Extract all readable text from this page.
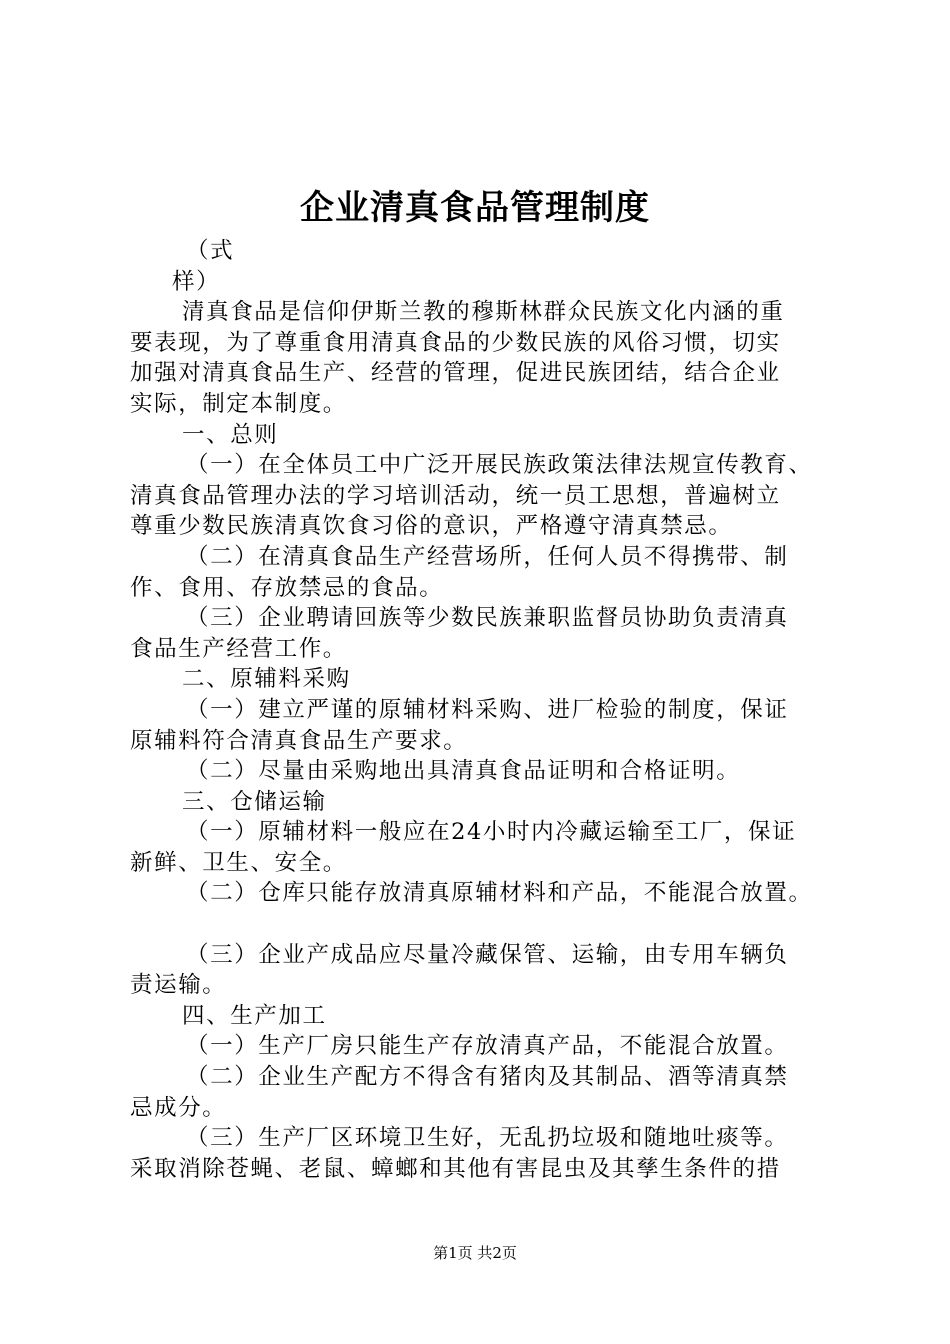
企业清真食品管理制度
（式
样）
清真食品是信仰伊斯兰教的穆斯林群众民族文化内涵的重
要表现，为了尊重食用清真食品的少数民族的风俗习惯，切实
加强对清真食品生产、经营的管理，促进民族团结，结合企业
实际，制定本制度。
一、总则
（一）在全体员工中广泛开展民族政策法律法规宣传教育、
清真食品管理办法的学习培训活动，统一员工思想，普遍树立
尊重少数民族清真饮食习俗的意识，严格遵守清真禁忌。
（二）在清真食品生产经营场所，任何人员不得携带、制
作、食用、存放禁忌的食品。
（三）企业聘请回族等少数民族兼职监督员协助负责清真
食品生产经营工作。
二、原辅料采购
（一）建立严谨的原辅材料采购、进厂检验的制度，保证
原辅料符合清真食品生产要求。
（二）尽量由采购地出具清真食品证明和合格证明。
三、仓储运输
（一）原辅材料一般应在24小时内冷藏运输至工厂，保证
新鲜、卫生、安全。
（二）仓库只能存放清真原辅材料和产品，不能混合放置。
（三）企业产成品应尽量冷藏保管、运输，由专用车辆负
责运输。
四、生产加工
（一）生产厂房只能生产存放清真产品，不能混合放置。
（二）企业生产配方不得含有猪肉及其制品、酒等清真禁
忌成分。
（三）生产厂区环境卫生好，无乱扔垃圾和随地吐痰等。
采取消除苍蝇、老鼠、蟑螂和其他有害昆虫及其孳生条件的措
第1页 共2页
